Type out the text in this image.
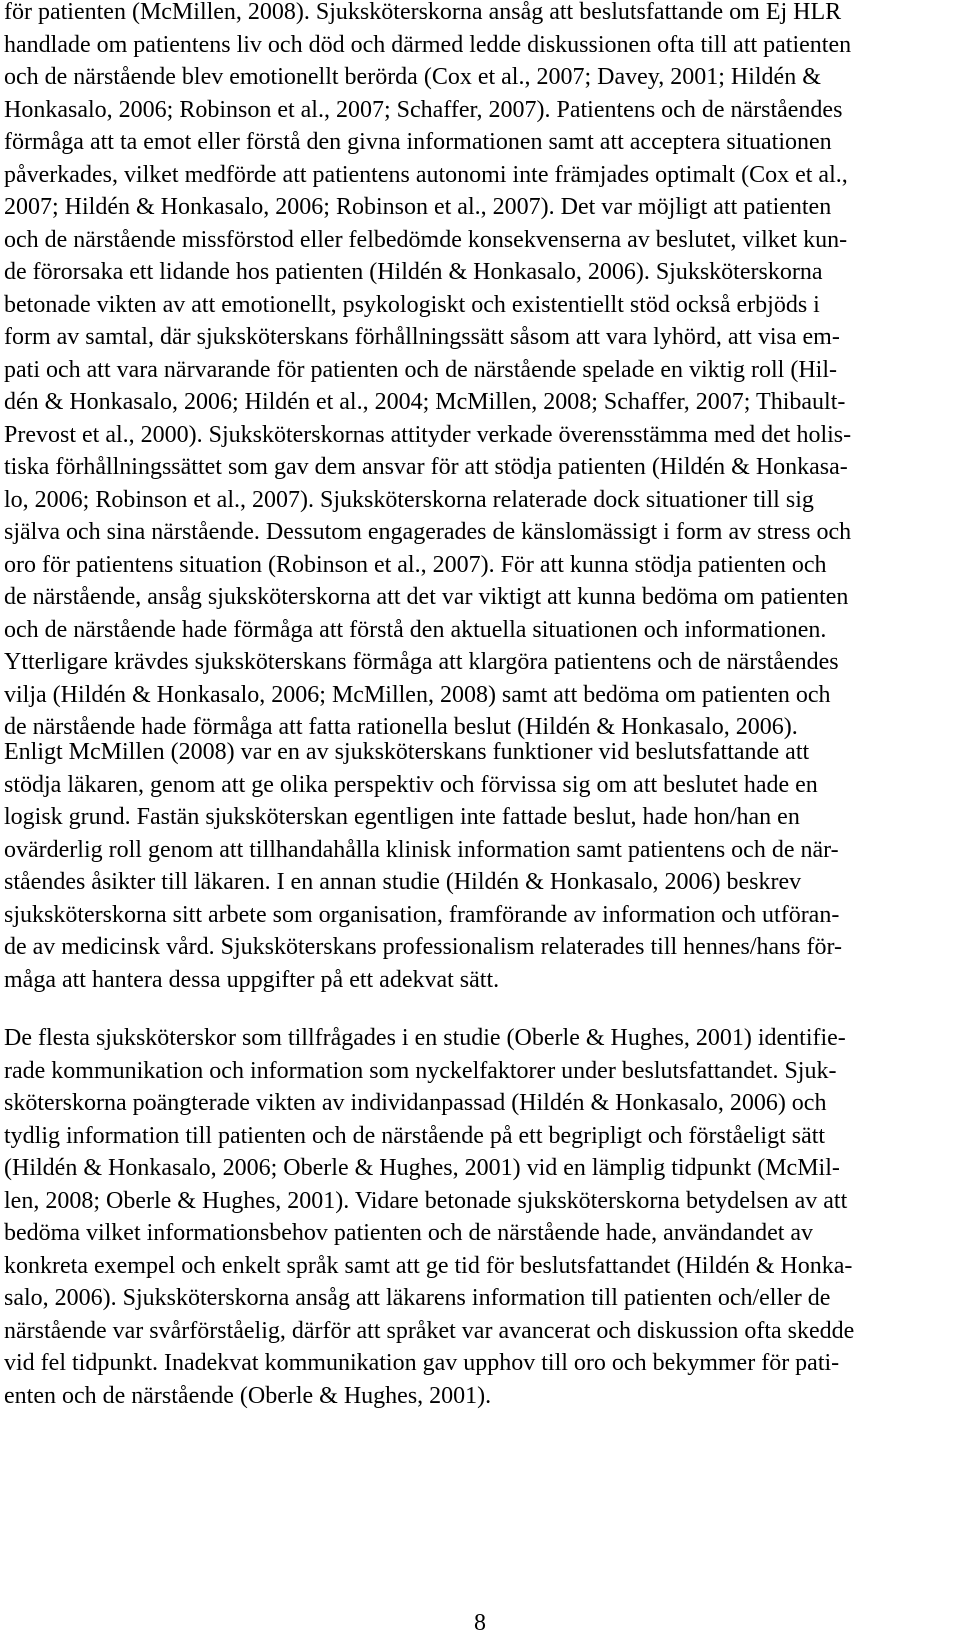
för patienten (McMillen, 2008). Sjuksköterskorna ansåg att beslutsfattande om Ej HLR
handlade om patientens liv och död och därmed ledde diskussionen ofta till att patienten
och de närstående blev emotionellt berörda (Cox et al., 2007; Davey, 2001; Hildén &
Honkasalo, 2006; Robinson et al., 2007; Schaffer, 2007). Patientens och de närståendes
förmåga att ta emot eller förstå den givna informationen samt att acceptera situationen
påverkades, vilket medförde att patientens autonomi inte främjades optimalt (Cox et al.,
2007; Hildén & Honkasalo, 2006; Robinson et al., 2007). Det var möjligt att patienten
och de närstående missförstod eller felbedömde konsekvenserna av beslutet, vilket kun-
de förorsaka ett lidande hos patienten (Hildén & Honkasalo, 2006). Sjuksköterskorna
betonade vikten av att emotionellt, psykologiskt och existentiellt stöd också erbjöds i
form av samtal, där sjuksköterskans förhållningssätt såsom att vara lyhörd, att visa em-
pati och att vara närvarande för patienten och de närstående spelade en viktig roll (Hil-
dén & Honkasalo, 2006; Hildén et al., 2004; McMillen, 2008; Schaffer, 2007; Thibault-
Prevost et al., 2000). Sjuksköterskornas attityder verkade överensstämma med det holis-
tiska förhållningssättet som gav dem ansvar för att stödja patienten (Hildén & Honkasa-
lo, 2006; Robinson et al., 2007). Sjuksköterskorna relaterade dock situationer till sig
själva och sina närstående. Dessutom engagerades de känslomässigt i form av stress och
oro för patientens situation (Robinson et al., 2007). För att kunna stödja patienten och
de närstående, ansåg sjuksköterskorna att det var viktigt att kunna bedöma om patienten
och de närstående hade förmåga att förstå den aktuella situationen och informationen.
Ytterligare krävdes sjuksköterskans förmåga att klargöra patientens och de närståendes
vilja (Hildén & Honkasalo, 2006; McMillen, 2008) samt att bedöma om patienten och
de närstående hade förmåga att fatta rationella beslut (Hildén & Honkasalo, 2006).
Enligt McMillen (2008) var en av sjuksköterskans funktioner vid beslutsfattande att
stödja läkaren, genom att ge olika perspektiv och förvissa sig om att beslutet hade en
logisk grund. Fastän sjuksköterskan egentligen inte fattade beslut, hade hon/han en
ovärderlig roll genom att tillhandahålla klinisk information samt patientens och de när-
ståendes åsikter till läkaren. I en annan studie (Hildén & Honkasalo, 2006) beskrev
sjuksköterskorna sitt arbete som organisation, framförande av information och utföran-
de av medicinsk vård. Sjuksköterskans professionalism relaterades till hennes/hans för-
måga att hantera dessa uppgifter på ett adekvat sätt.
De flesta sjuksköterskor som tillfrågades i en studie (Oberle & Hughes, 2001) identifie-
rade kommunikation och information som nyckelfaktorer under beslutsfattandet. Sjuk-
sköterskorna poängterade vikten av individanpassad (Hildén & Honkasalo, 2006) och
tydlig information till patienten och de närstående på ett begripligt och förståeligt sätt
(Hildén & Honkasalo, 2006; Oberle & Hughes, 2001) vid en lämplig tidpunkt (McMil-
len, 2008; Oberle & Hughes, 2001). Vidare betonade sjuksköterskorna betydelsen av att
bedöma vilket informationsbehov patienten och de närstående hade, användandet av
konkreta exempel och enkelt språk samt att ge tid för beslutsfattandet (Hildén & Honka-
salo, 2006). Sjuksköterskorna ansåg att läkarens information till patienten och/eller de
närstående var svårförståelig, därför att språket var avancerat och diskussion ofta skedde
vid fel tidpunkt. Inadekvat kommunikation gav upphov till oro och bekymmer för pati-
enten och de närstående (Oberle & Hughes, 2001).
8
